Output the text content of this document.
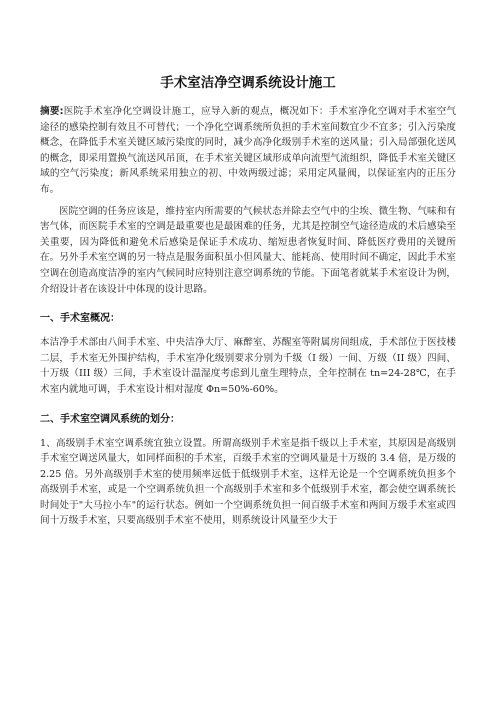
手术室洁净空调系统设计施工

摘要:医院手术室净化空调设计施工，应导入新的观点，概况如下：手术室净化空调对手术室空气途径的感染控制有效且不可替代；一个净化空调系统所负担的手术室间数宜少不宜多；引入污染度概念，在降低手术室关键区域污染度的同时，减少高净化级别手术室的送风量；引入局部强化送风的概念，即采用置换气流送风吊顶，在手术室关键区域形成单向流型气流组织，降低手术室关键区域的空气污染度；新风系统采用独立的初、中效两级过滤；采用定风量阀，以保证室内的正压分布。

医院空调的任务应该是，维持室内所需要的气候状态并除去空气中的尘埃、微生物、气味和有害气体，而医院手术室的空调是最重要也是最困难的任务，尤其是控制空气途径造成的术后感染至关重要，因为降低和避免术后感染是保证手术成功、缩短患者恢复时间、降低医疗费用的关键所在。另外手术室空调的另一特点是服务面积虽小但风量大、能耗高、使用时间不确定，因此手术室空调在创造高度洁净的室内气候同时应特别注意空调系统的节能。下面笔者就某手术室设计为例，介绍设计者在该设计中体现的设计思路。

一、手术室概况：

本洁净手术部由八间手术室、中央洁净大厅、麻醉室、苏醒室等附属房间组成，手术部位于医技楼二层，手术室无外围护结构，手术室净化级别要求分别为千级（I 级）一间、万级（II 级）四间、十万级（III 级）三间，手术室设计温湿度考虑到儿童生理特点，全年控制在 tn=24-28℃，在手术室内就地可调，手术室设计相对湿度 Φn=50%-60%。

二、手术室空调风系统的划分：

1、高级别手术室空调系统宜独立设置。所谓高级别手术室是指千级以上手术室，其原因是高级别手术室空调送风量大，如同样面积的手术室，百级手术室的空调风量是十万级的 3.4 倍，是万级的 2.25 倍。另外高级别手术室的使用频率远低于低级别手术室，这样无论是一个空调系统负担多个高级别手术室，或是一个空调系统负担一个高级别手术室和多个低级别手术室，都会使空调系统长时间处于"大马拉小车"的运行状态。例如一个空调系统负担一间百级手术室和两间万级手术室或四间十万级手术室，只要高级别手术室不使用，则系统设计风量至少大于
